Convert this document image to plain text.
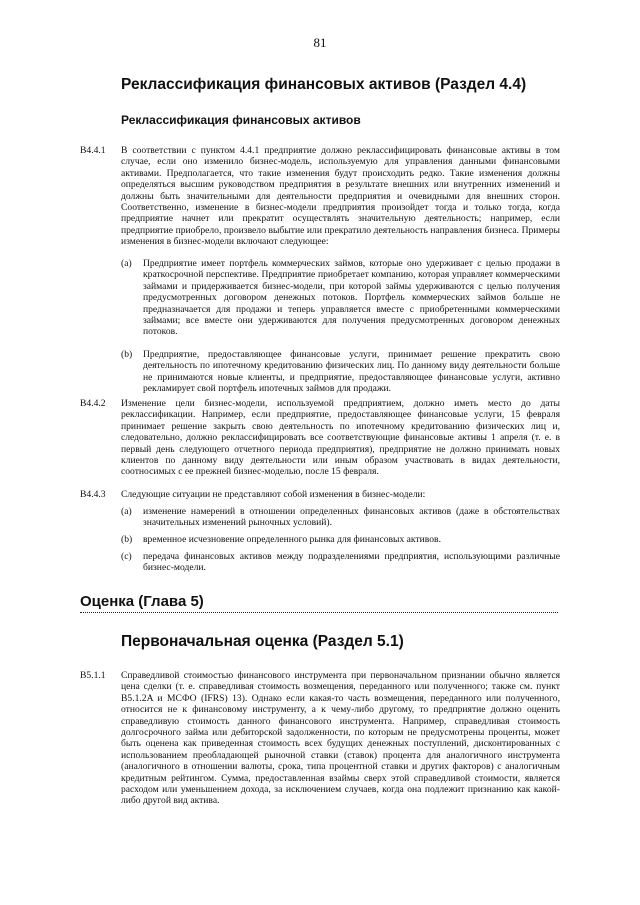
81
Реклассификация финансовых активов (Раздел 4.4)
Реклассификация финансовых активов
B4.4.1 В соответствии с пунктом 4.4.1 предприятие должно реклассифицировать финансовые активы в том случае, если оно изменило бизнес-модель, используемую для управления данными финансовыми активами. Предполагается, что такие изменения будут происходить редко. Такие изменения должны определяться высшим руководством предприятия в результате внешних или внутренних изменений и должны быть значительными для деятельности предприятия и очевидными для внешних сторон. Соответственно, изменение в бизнес-модели предприятия произойдет тогда и только тогда, когда предприятие начнет или прекратит осуществлять значительную деятельность; например, если предприятие приобрело, произвело выбытие или прекратило деятельность направления бизнеса. Примеры изменения в бизнес-модели включают следующее:
(a) Предприятие имеет портфель коммерческих займов, которые оно удерживает с целью продажи в краткосрочной перспективе. Предприятие приобретает компанию, которая управляет коммерческими займами и придерживается бизнес-модели, при которой займы удерживаются с целью получения предусмотренных договором денежных потоков. Портфель коммерческих займов больше не предназначается для продажи и теперь управляется вместе с приобретенными коммерческими займами; все вместе они удерживаются для получения предусмотренных договором денежных потоков.
(b) Предприятие, предоставляющее финансовые услуги, принимает решение прекратить свою деятельность по ипотечному кредитованию физических лиц. По данному виду деятельности больше не принимаются новые клиенты, и предприятие, предоставляющее финансовые услуги, активно рекламирует свой портфель ипотечных займов для продажи.
B4.4.2 Изменение цели бизнес-модели, используемой предприятием, должно иметь место до даты реклассификации. Например, если предприятие, предоставляющее финансовые услуги, 15 февраля принимает решение закрыть свою деятельность по ипотечному кредитованию физических лиц и, следовательно, должно реклассифицировать все соответствующие финансовые активы 1 апреля (т. е. в первый день следующего отчетного периода предприятия), предприятие не должно принимать новых клиентов по данному виду деятельности или иным образом участвовать в видах деятельности, соотносимых с ее прежней бизнес-моделью, после 15 февраля.
B4.4.3 Следующие ситуации не представляют собой изменения в бизнес-модели:
(a) изменение намерений в отношении определенных финансовых активов (даже в обстоятельствах значительных изменений рыночных условий).
(b) временное исчезновение определенного рынка для финансовых активов.
(c) передача финансовых активов между подразделениями предприятия, использующими различные бизнес-модели.
Оценка (Глава 5)
Первоначальная оценка (Раздел 5.1)
B5.1.1 Справедливой стоимостью финансового инструмента при первоначальном признании обычно является цена сделки (т. е. справедливая стоимость возмещения, переданного или полученного; также см. пункт B5.1.2A и МСФО (IFRS) 13). Однако если какая-то часть возмещения, переданного или полученного, относится не к финансовому инструменту, а к чему-либо другому, то предприятие должно оценить справедливую стоимость данного финансового инструмента. Например, справедливая стоимость долгосрочного займа или дебиторской задолженности, по которым не предусмотрены проценты, может быть оценена как приведенная стоимость всех будущих денежных поступлений, дисконтированных с использованием преобладающей рыночной ставки (ставок) процента для аналогичного инструмента (аналогичного в отношении валюты, срока, типа процентной ставки и других факторов) с аналогичным кредитным рейтингом. Сумма, предоставленная взаймы сверх этой справедливой стоимости, является расходом или уменьшением дохода, за исключением случаев, когда она подлежит признанию как какой-либо другой вид актива.
